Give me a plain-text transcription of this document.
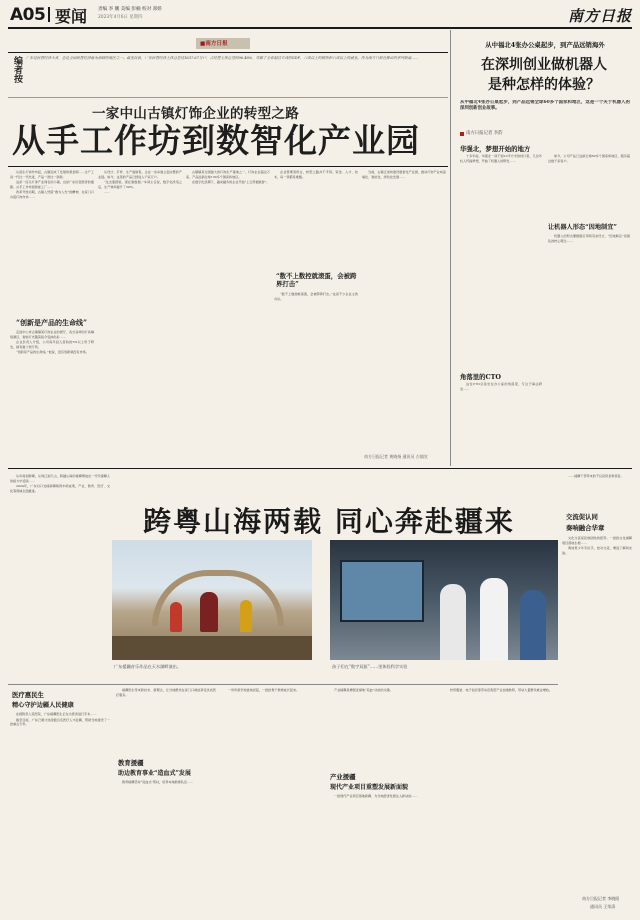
A05 要闻 责编 李 鹏 美编 彭楠 校对 郑娇
2023年4月6日 星期四	南方日报
■南方日报
编者按 广东是民营经济大省，也是全国民营经济最为活跃的地区之一。截至目前，广东民营经济主体总量达1637.67万户，占经营主体总量的96.48%，贡献了全省超过五成的GDP、六成以上的税收和八成以上的就业。作为南方日报社推出的系列报道……
一家中山古镇灯饰企业的转型之路
从手工作坊到数智化产业园

从诞生灯饰作坊起，古镇迎来了发展的黄金期……生产工具一代比一代先进，产品一款比一款新。

这是一座以灯饰产业闻名的小镇，也是广东民营经济的缩影。从手工作坊到智能工厂……

改革开放初期，古镇人凭借“敢为人先”的精神，在家门口办起灯饰作坊……

“创新是产品的生命线”

走进中山市古镇镇某灯饰企业的展厅，各式各样的灯具琳琅满目，智能灯光随着指令变换色彩……

企业负责人介绍，公司每年投入营收的5%以上用于研发，拥有数十项专利。

“创新是产品的生命线。”他说，没有创新就没有市场。

从设计、打样、生产到销售，企业一步步建立起完整的产业链。如今，这里的产品已经进入千家万户。

“过去靠经验，现在靠数据。”车间主任说，数字化改造之后，生产效率提升了30%。

……

古镇镇是全国最大的灯饰生产基地之一，灯饰企业超过万家，产品远销全球130多个国家和地区。

在数字化浪潮下，越来越多的企业开始“上云用数赋智”。

企业管理者坦言，转型之路并不平坦。资金、人才、技术，每一项都是难题。

“数不上数控就滚蛋，会被跨界打击”

“数不上数控就滚蛋，会被跨界打击。”这是不少企业主的共识。

当前，古镇正加快建设数智化产业园，推动灯饰产业向高端化、智能化、绿色化发展……

南方日报记者 黄晓扬 通讯员 古镇宣
从中福北4张办公桌起步，到产品远销海外
在深圳创业做机器人
是种怎样的体验？
从中福北4张办公桌起步，到产品远销全球60多个国家和地区，这是一个关于机器人的深圳创新创业故事。
南方日报记者 李韵
华强北，梦想开始的地方

十多年前，华强北一间不到10平方米的档口里，几位年轻人怀揣梦想，开始了机器人的研发……

角落里的CTO

这位CTO总是坐在办公室的角落里，专注于算法研发……

如今，公司产品已远销全球60多个国家和地区，服务超过数千家客户。

让机器人形态“因地制宜”

机器人的形态要根据应用场景来设计，“因地制宜”是团队的核心理念……

从华南到新疆，从珠江到天山，跨越山海的援疆情谊在一代代援疆人的接力中延续……

2024年，广东对口支援新疆取得丰硕成果，产业、教育、医疗、文化等领域全面推进。

跨粤山海两载 同心奔赴疆来

……援疆干部带来的不仅是资金和项目。

交流促认同
奏响融合华章

文化交流是民族团结的纽带。一批批文化援疆项目落地生根……

两地青少年手拉手，结对交流，增进了解和友谊。

广东援疆音乐作品在天水湖畔演出。	孩子们在“数字双驱”……里体验科学实验
医疗惠民生
精心守护边疆人民健康

在疏附县人民医院，广东援疆医生正在为患者进行手术……

截至目前，广东已累计选派数百名医疗人才赴疆，帮助当地建设了一批重点专科。

援疆医生带来新技术、新理念，让当地群众在家门口就能享受优质医疗服务。

教育援疆
助边教育事业“造血式”发展

教育援疆坚持“造血式”帮扶，培养本地教师队伍……

一所所新学校拔地而起，一批批骨干教师成长起来。	产业援疆是增强受援地“造血”功能的关键。

产业援疆
现代产业项目重塑发展新面貌

一批现代产业项目落地新疆，为当地经济发展注入新动能……

纺织服装、电子信息等劳动密集型产业加速转移，带动大量群众就业增收。

南方日报记者 李晓阳
通讯员 王荣清
